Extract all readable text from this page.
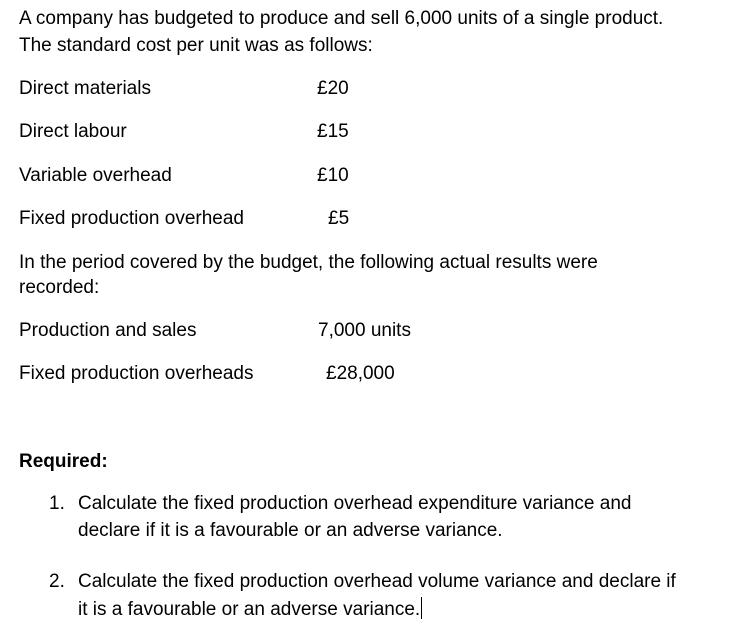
A company has budgeted to produce and sell 6,000 units of a single product.
The standard cost per unit was as follows:
Direct materials	£20
Direct labour	£15
Variable overhead	£10
Fixed production overhead	£5
In the period covered by the budget, the following actual results were
recorded:
Production and sales	7,000 units
Fixed production overheads	£28,000
Required:
1. Calculate the fixed production overhead expenditure variance and
declare if it is a favourable or an adverse variance.
2. Calculate the fixed production overhead volume variance and declare if
it is a favourable or an adverse variance.
